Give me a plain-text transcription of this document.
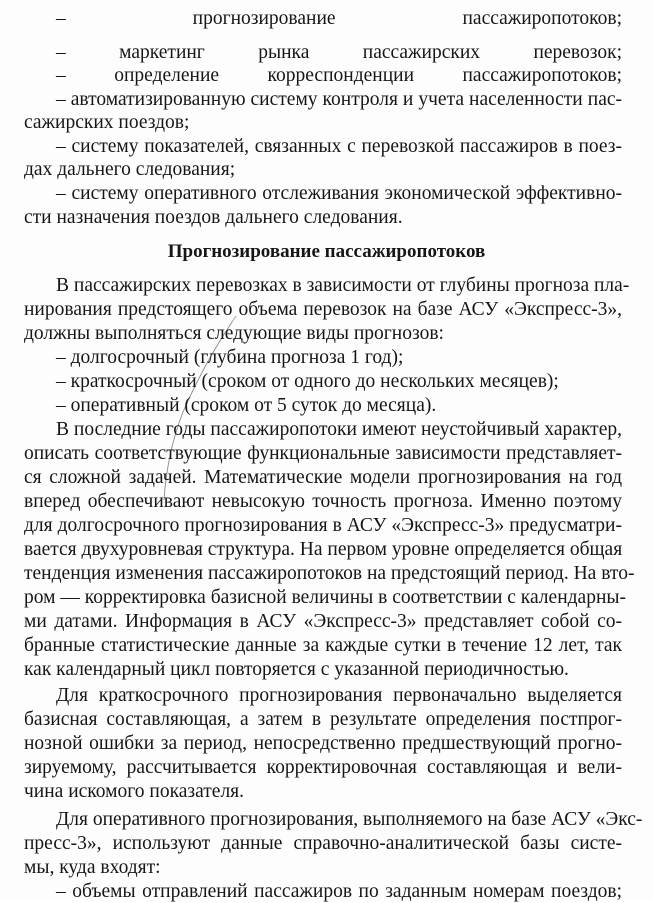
– прогнозирование пассажиропотоков;
– маркетинг рынка пассажирских перевозок;
– определение корреспонденции пассажиропотоков;
– автоматизированную систему контроля и учета населенности пас-
сажирских поездов;
– систему показателей, связанных с перевозкой пассажиров в поез-
дах дальнего следования;
– систему оперативного отслеживания экономической эффективно-
сти назначения поездов дальнего следования.
Прогнозирование пассажиропотоков
В пассажирских перевозках в зависимости от глубины прогноза пла-
нирования предстоящего объема перевозок на базе АСУ «Экспресс-3»,
должны выполняться следующие виды прогнозов:
– долгосрочный (глубина прогноза 1 год);
– краткосрочный (сроком от одного до нескольких месяцев);
– оперативный (сроком от 5 суток до месяца).
В последние годы пассажиропотоки имеют неустойчивый характер,
описать соответствующие функциональные зависимости представляет-
ся сложной задачей. Математические модели прогнозирования на год
вперед обеспечивают невысокую точность прогноза. Именно поэтому
для долгосрочного прогнозирования в АСУ «Экспресс-3» предусматри-
вается двухуровневая структура. На первом уровне определяется общая
тенденция изменения пассажиропотоков на предстоящий период. На вто-
ром — корректировка базисной величины в соответствии с календарны-
ми датами. Информация в АСУ «Экспресс-3» представляет собой со-
бранные статистические данные за каждые сутки в течение 12 лет, так
как календарный цикл повторяется с указанной периодичностью.
Для краткосрочного прогнозирования первоначально выделяется
базисная составляющая, а затем в результате определения постпрог-
нозной ошибки за период, непосредственно предшествующий прогно-
зируемому, рассчитывается корректировочная составляющая и вели-
чина искомого показателя.
Для оперативного прогнозирования, выполняемого на базе АСУ «Экс-
пресс-3», используют данные справочно-аналитической базы систе-
мы, куда входят:
– объемы отправлений пассажиров по заданным номерам поездов;
